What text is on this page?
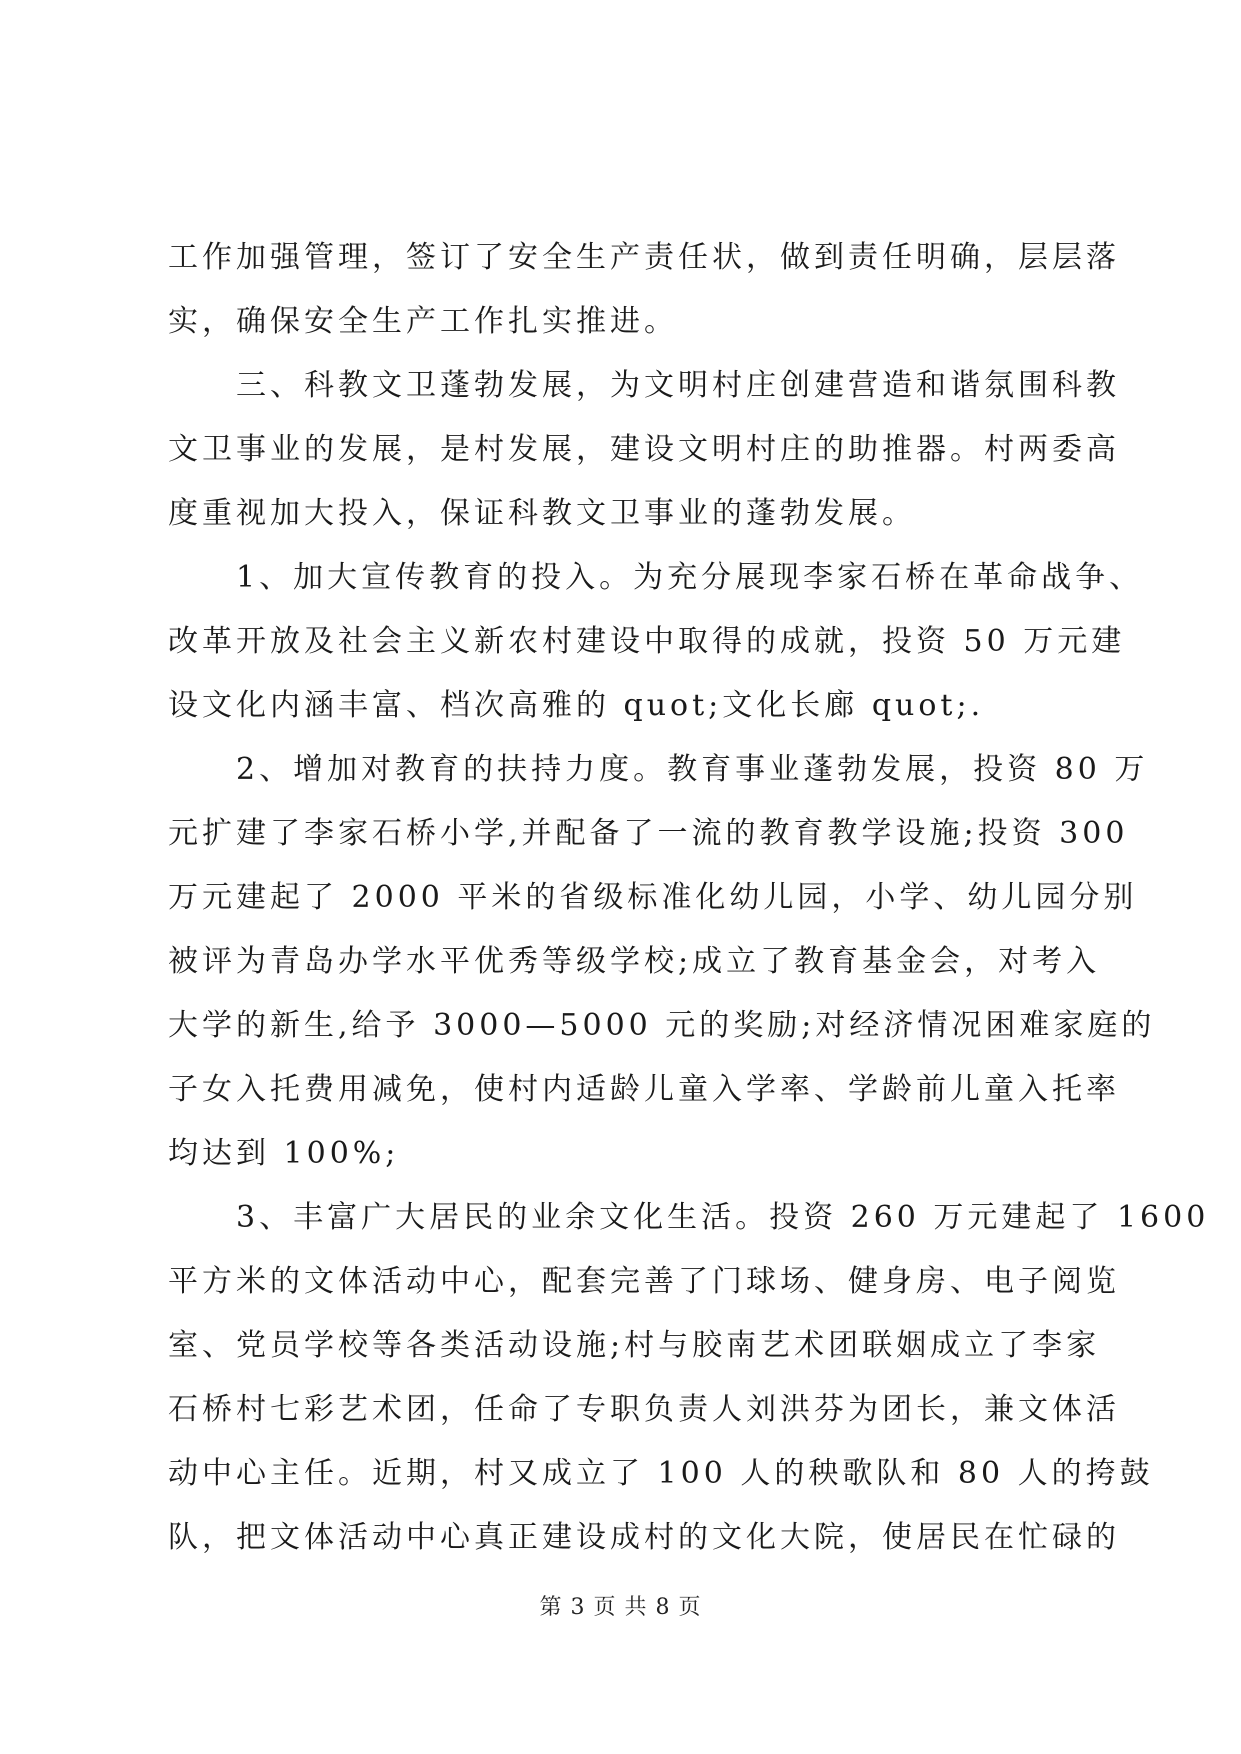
工作加强管理，签订了安全生产责任状，做到责任明确，层层落
实，确保安全生产工作扎实推进。
　　三、科教文卫蓬勃发展，为文明村庄创建营造和谐氛围科教
文卫事业的发展，是村发展，建设文明村庄的助推器。村两委高
度重视加大投入，保证科教文卫事业的蓬勃发展。
　　1、加大宣传教育的投入。为充分展现李家石桥在革命战争、
改革开放及社会主义新农村建设中取得的成就，投资 50 万元建
设文化内涵丰富、档次高雅的 quot;文化长廊 quot;.
　　2、增加对教育的扶持力度。教育事业蓬勃发展，投资 80 万
元扩建了李家石桥小学,并配备了一流的教育教学设施;投资 300
万元建起了 2000 平米的省级标准化幼儿园，小学、幼儿园分别
被评为青岛办学水平优秀等级学校;成立了教育基金会，对考入
大学的新生,给予 3000—5000 元的奖励;对经济情况困难家庭的
子女入托费用减免，使村内适龄儿童入学率、学龄前儿童入托率
均达到 100%;
　　3、丰富广大居民的业余文化生活。投资 260 万元建起了 1600
平方米的文体活动中心，配套完善了门球场、健身房、电子阅览
室、党员学校等各类活动设施;村与胶南艺术团联姻成立了李家
石桥村七彩艺术团，任命了专职负责人刘洪芬为团长，兼文体活
动中心主任。近期，村又成立了 100 人的秧歌队和 80 人的挎鼓
队，把文体活动中心真正建设成村的文化大院，使居民在忙碌的
第 3 页 共 8 页
